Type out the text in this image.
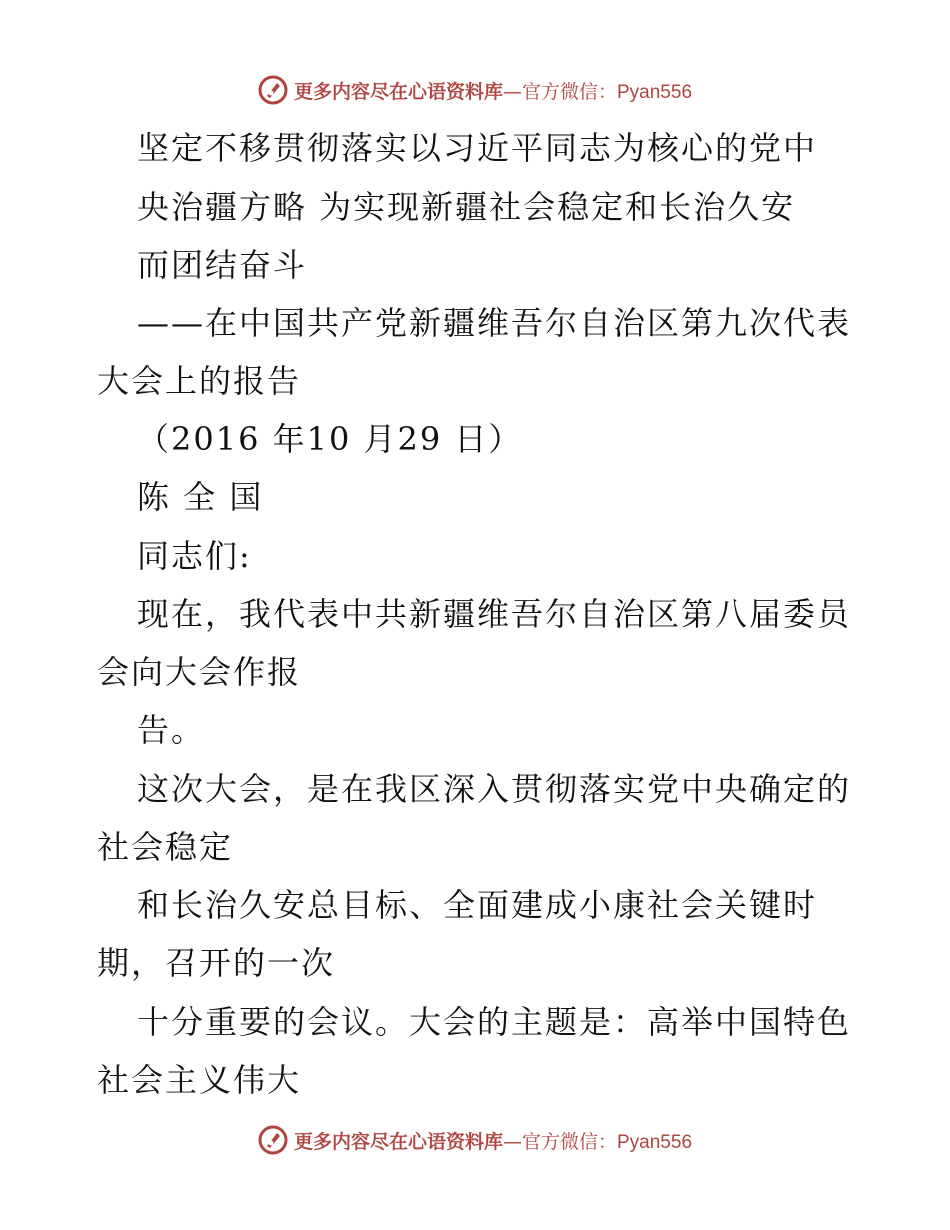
更多内容尽在心语资料库—官方微信：Pyan556
坚定不移贯彻落实以习近平同志为核心的党中
央治疆方略 为实现新疆社会稳定和长治久安
而团结奋斗
——在中国共产党新疆维吾尔自治区第九次代表
大会上的报告
（2016 年10 月29 日）
陈 全 国
同志们:
现在，我代表中共新疆维吾尔自治区第八届委员
会向大会作报
告。
这次大会，是在我区深入贯彻落实党中央确定的
社会稳定
和长治久安总目标、全面建成小康社会关键时
期，召开的一次
十分重要的会议。大会的主题是：高举中国特色
社会主义伟大
更多内容尽在心语资料库—官方微信：Pyan556
